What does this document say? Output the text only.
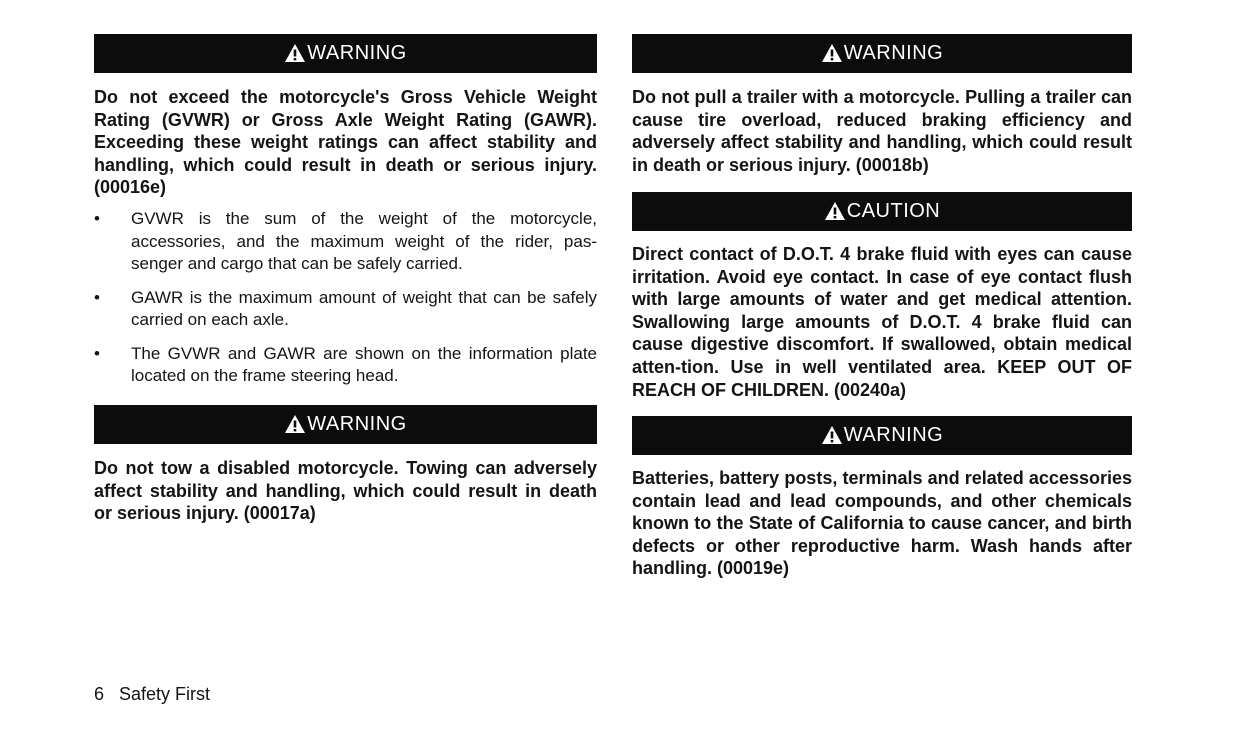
WARNING

Do not exceed the motorcycle's Gross Vehicle Weight Rating (GVWR) or Gross Axle Weight Rating (GAWR). Exceeding these weight ratings can affect stability and handling, which could result in death or serious injury. (00016e)

• GVWR is the sum of the weight of the motorcycle, accessories, and the maximum weight of the rider, pas-senger and cargo that can be safely carried.
• GAWR is the maximum amount of weight that can be safely carried on each axle.
• The GVWR and GAWR are shown on the information plate located on the frame steering head.
WARNING

Do not tow a disabled motorcycle. Towing can adversely affect stability and handling, which could result in death or serious injury. (00017a)

WARNING

Do not pull a trailer with a motorcycle. Pulling a trailer can cause tire overload, reduced braking efficiency and adversely affect stability and handling, which could result in death or serious injury. (00018b)

CAUTION

Direct contact of D.O.T. 4 brake fluid with eyes can cause irritation. Avoid eye contact. In case of eye contact flush with large amounts of water and get medical attention. Swallowing large amounts of D.O.T. 4 brake fluid can cause digestive discomfort. If swallowed, obtain medical atten-tion. Use in well ventilated area. KEEP OUT OF REACH OF CHILDREN. (00240a)

WARNING

Batteries, battery posts, terminals and related accessories contain lead and lead compounds, and other chemicals known to the State of California to cause cancer, and birth defects or other reproductive harm. Wash hands after handling. (00019e)

6 Safety First
